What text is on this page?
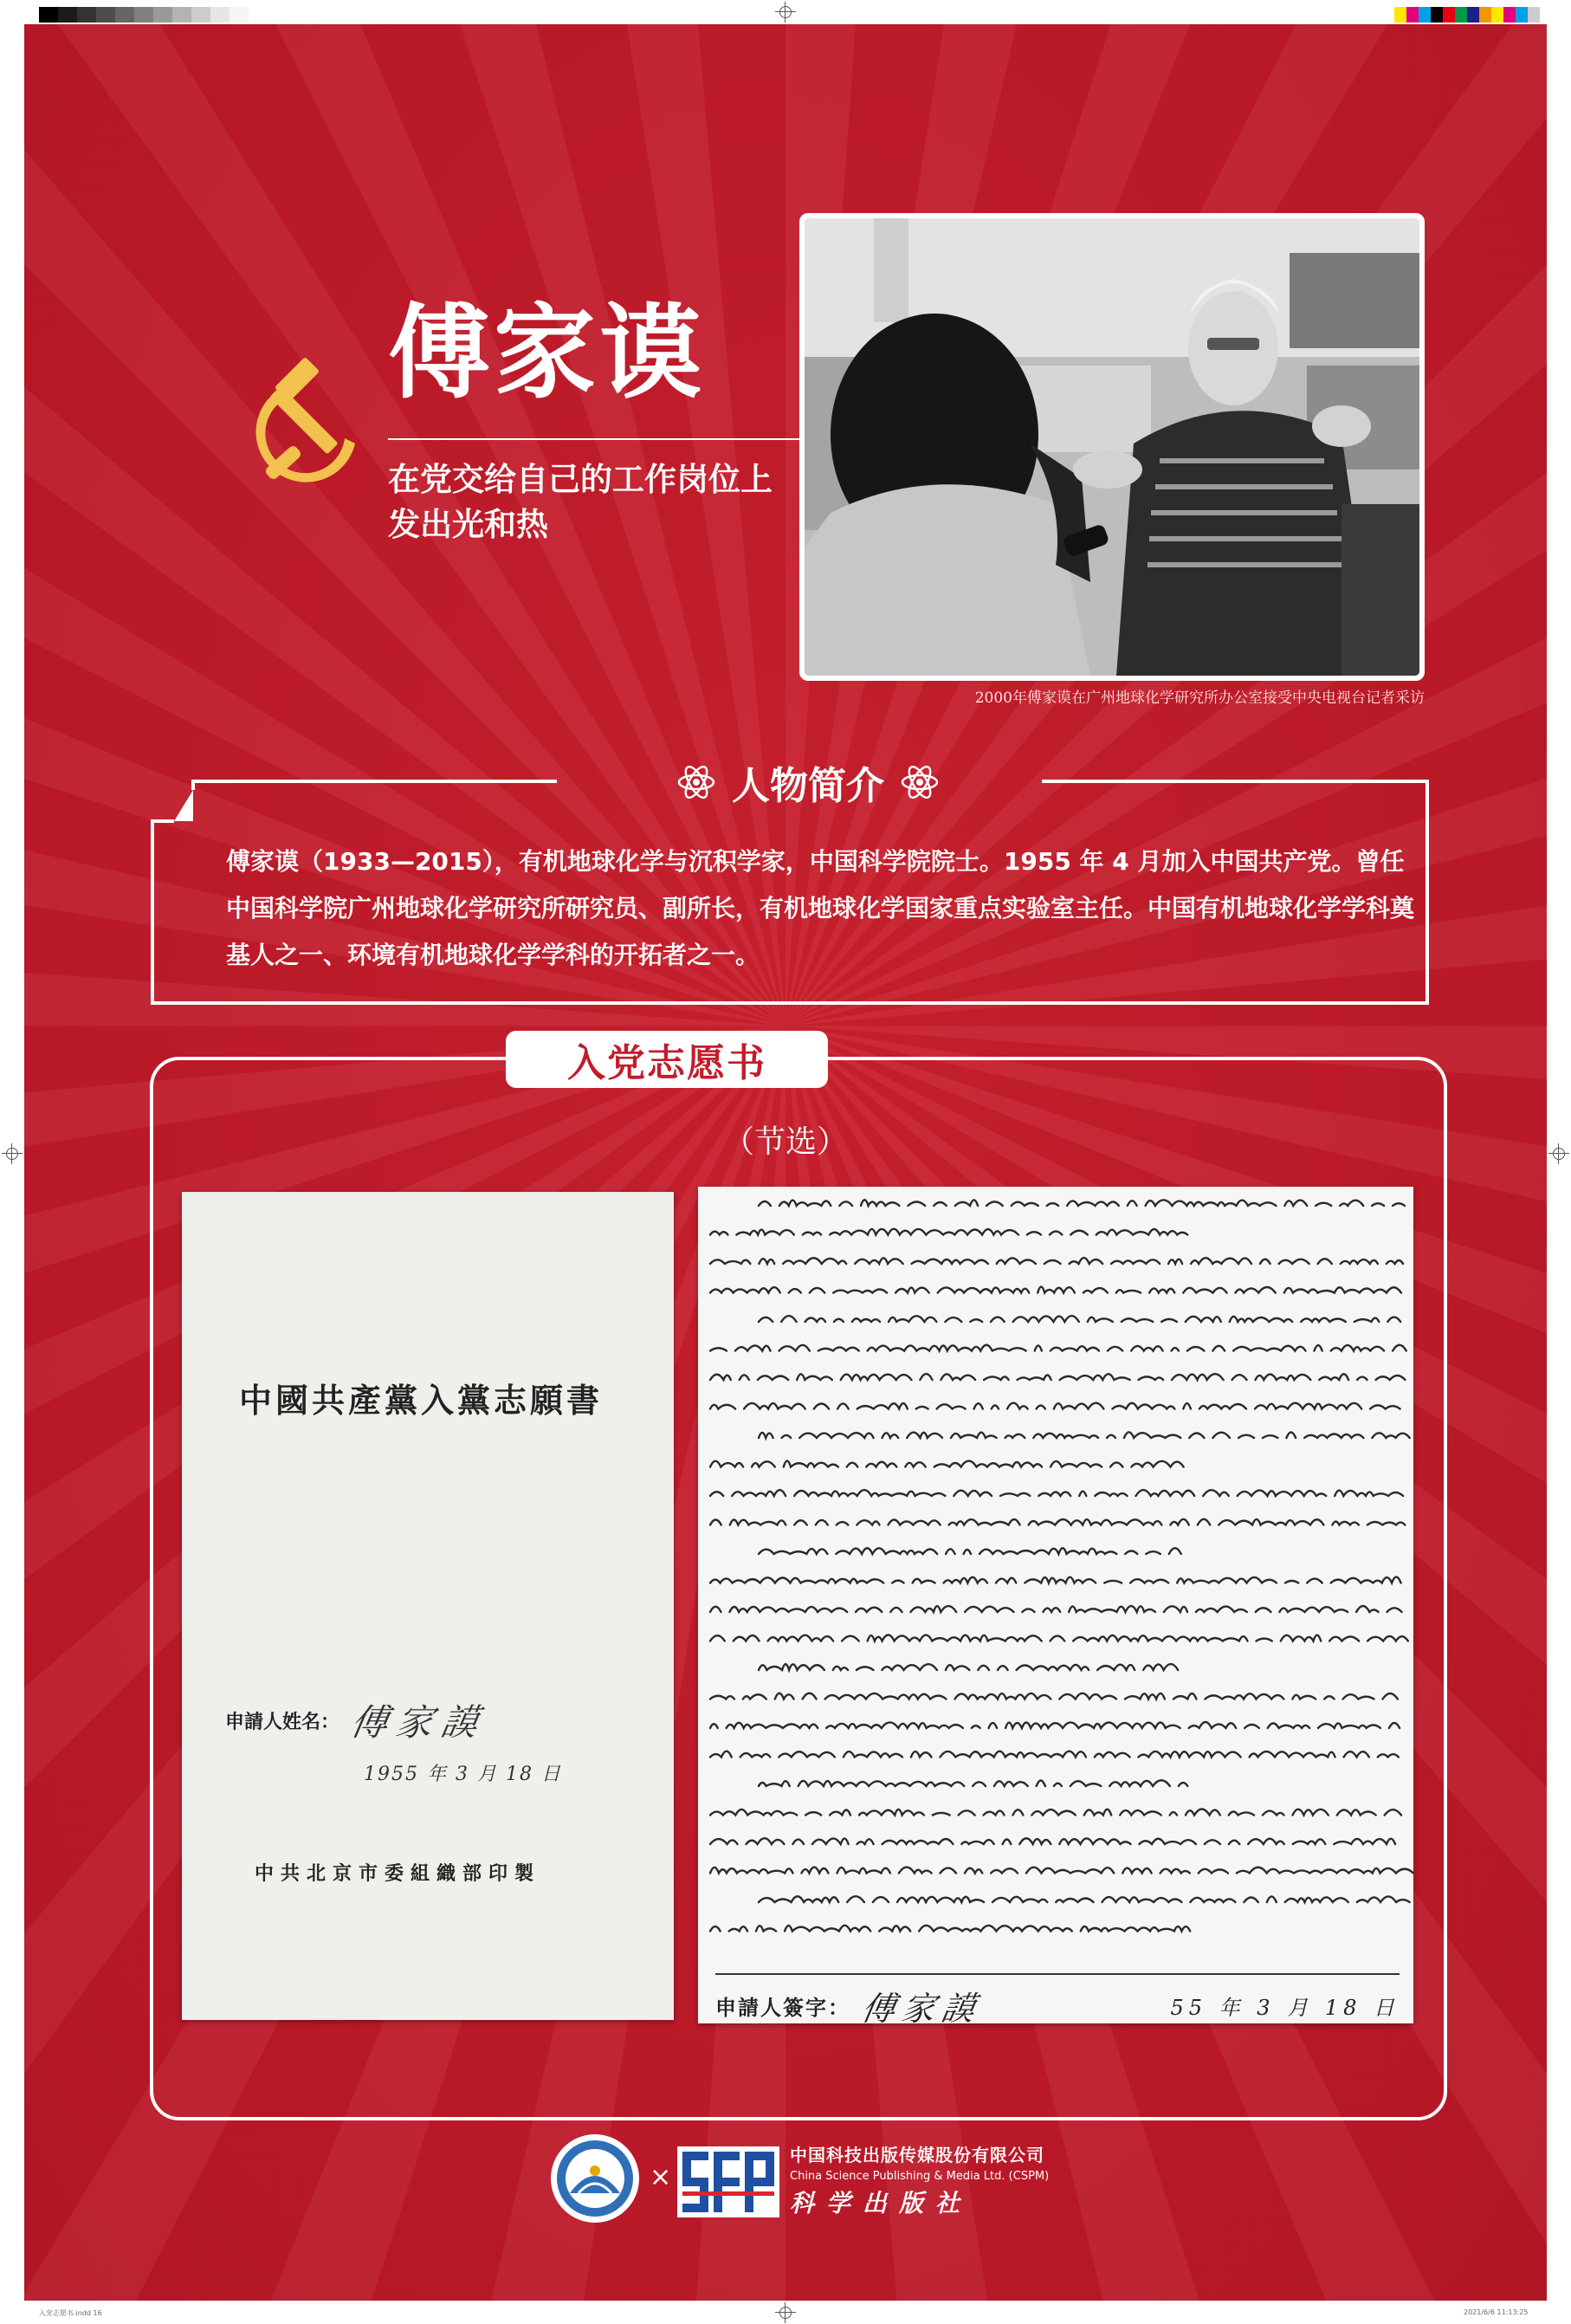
傅家谟
在党交给自己的工作岗位上
发出光和热
2000年傅家谟在广州地球化学研究所办公室接受中央电视台记者采访
人物简介
傅家谟（1933—2015），有机地球化学与沉积学家，中国科学院院士。1955 年 4 月加入中国共产党。曾任中国科学院广州地球化学研究所研究员、副所长，有机地球化学国家重点实验室主任。中国有机地球化学学科奠基人之一、环境有机地球化学学科的开拓者之一。
入党志愿书
（节选）
中國共產黨入黨志願書
申請人姓名： 傅家謨
1955 年 3 月 18 日
中共北京市委組織部印製
申請人簽字： 傅家謨	55 年 3 月 18 日
×
中国科技出版传媒股份有限公司
China Science Publishing & Media Ltd. (CSPM)
科学出版社
入党志愿书.indd 16	2021/6/6 11:13:25
